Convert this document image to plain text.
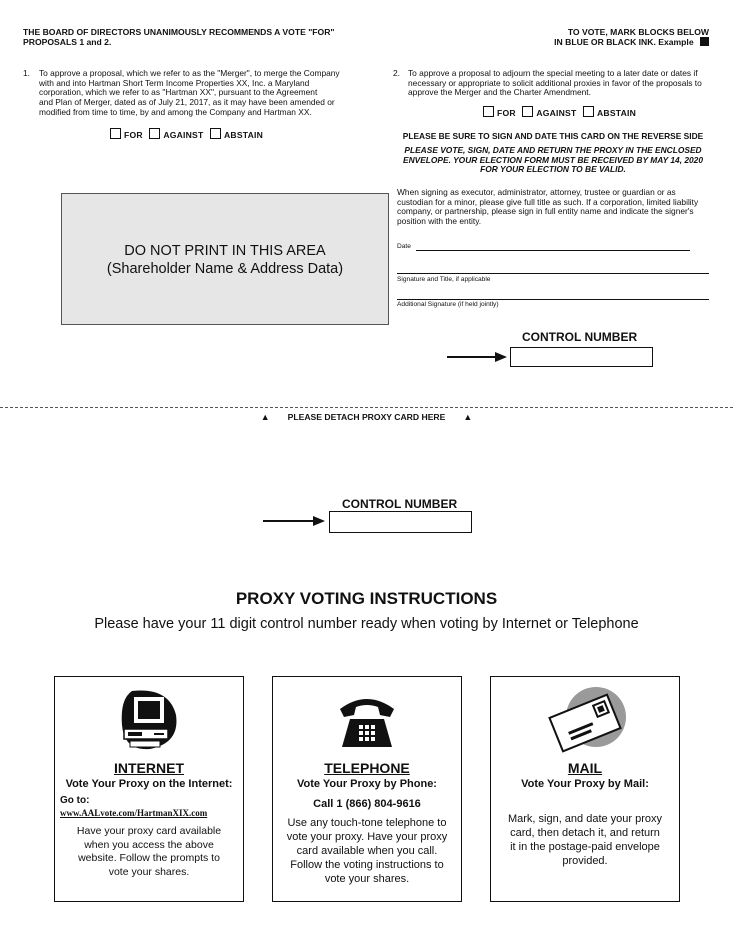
THE BOARD OF DIRECTORS UNANIMOUSLY RECOMMENDS A VOTE "FOR"
PROPOSALS 1 and 2.
TO VOTE, MARK BLOCKS BELOW
IN BLUE OR BLACK INK. Example
1. To approve a proposal, which we refer to as the "Merger", to merge the Company
with and into Hartman Short Term Income Properties XX, Inc. a Maryland
corporation, which we refer to as "Hartman XX", pursuant to the Agreement
and Plan of Merger, dated as of July 21, 2017, as it may have been amended or
modified from time to time, by and among the Company and Hartman XX.
FOR AGAINST ABSTAIN
2. To approve a proposal to adjourn the special meeting to a later date or dates if
necessary or appropriate to solicit additional proxies in favor of the proposals to
approve the Merger and the Charter Amendment.
FOR AGAINST ABSTAIN
PLEASE BE SURE TO SIGN AND DATE THIS CARD ON THE REVERSE SIDE
PLEASE VOTE, SIGN, DATE AND RETURN THE PROXY IN THE ENCLOSED
ENVELOPE. YOUR ELECTION FORM MUST BE RECEIVED BY MAY 14, 2020
FOR YOUR ELECTION TO BE VALID.
When signing as executor, administrator, attorney, trustee or guardian or as
custodian for a minor, please give full title as such. If a corporation, limited liability
company, or partnership, please sign in full entity name and indicate the signer's
position with the entity.
DO NOT PRINT IN THIS AREA
(Shareholder Name & Address Data)
Date
Signature and Title, if applicable
Additional Signature (if held jointly)
CONTROL NUMBER
▲ PLEASE DETACH PROXY CARD HERE ▲
CONTROL NUMBER
PROXY VOTING INSTRUCTIONS
Please have your 11 digit control number ready when voting by Internet or Telephone
INTERNET
Vote Your Proxy on the Internet:
Go to:
www.AALvote.com/HartmanXIX.com
Have your proxy card available
when you access the above
website. Follow the prompts to
vote your shares.
TELEPHONE
Vote Your Proxy by Phone:
Call 1 (866) 804-9616
Use any touch-tone telephone to
vote your proxy. Have your proxy
card available when you call.
Follow the voting instructions to
vote your shares.
MAIL
Vote Your Proxy by Mail:
Mark, sign, and date your proxy
card, then detach it, and return
it in the postage-paid envelope
provided.
